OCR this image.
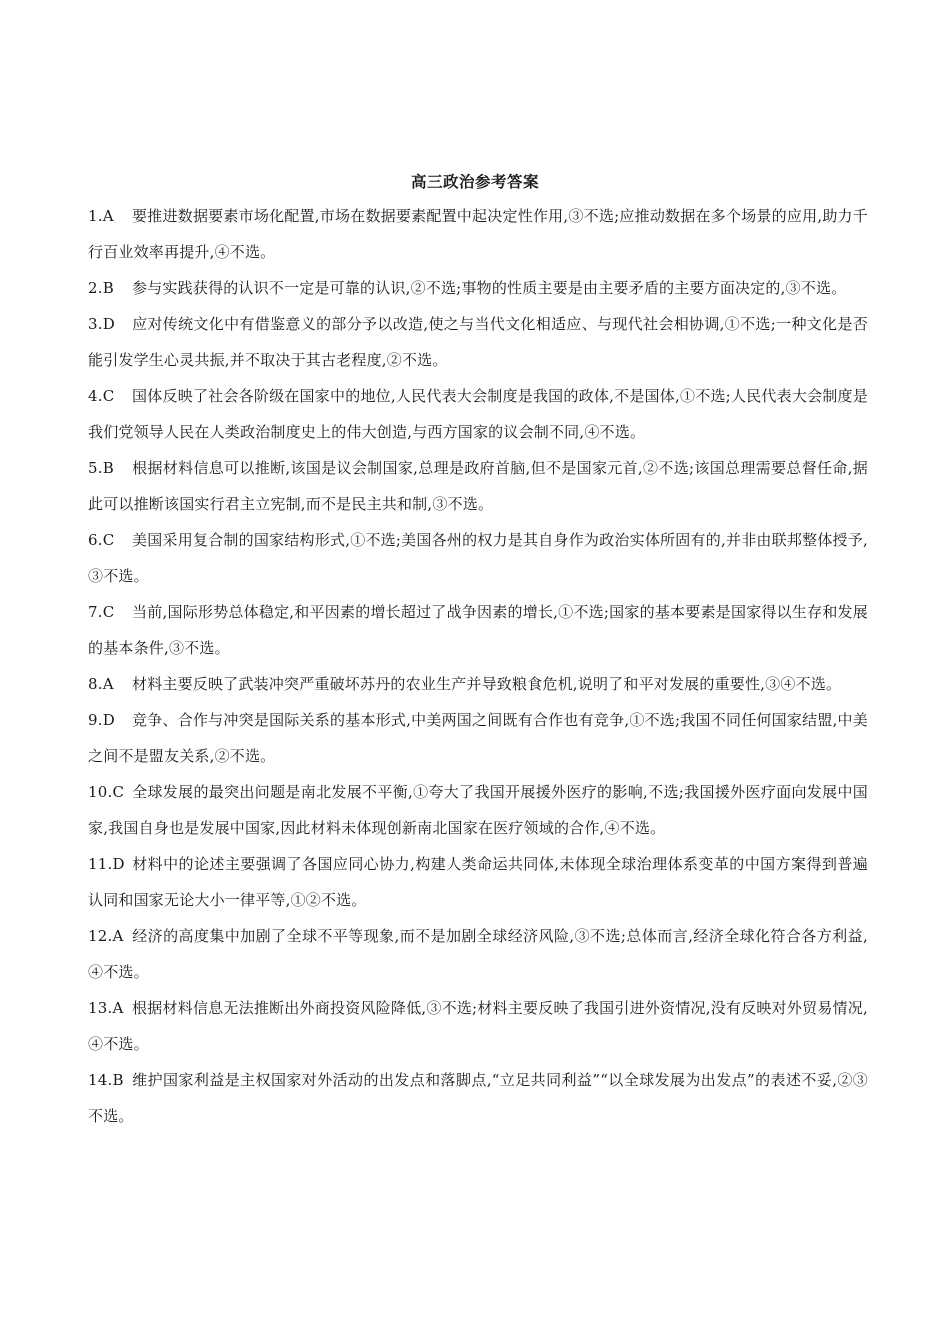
高三政治参考答案
1.A 要推进数据要素市场化配置,市场在数据要素配置中起决定性作用,③不选;应推动数据在多个场景的应用,助力千行百业效率再提升,④不选。
2.B 参与实践获得的认识不一定是可靠的认识,②不选;事物的性质主要是由主要矛盾的主要方面决定的,③不选。
3.D 应对传统文化中有借鉴意义的部分予以改造,使之与当代文化相适应、与现代社会相协调,①不选;一种文化是否能引发学生心灵共振,并不取决于其古老程度,②不选。
4.C 国体反映了社会各阶级在国家中的地位,人民代表大会制度是我国的政体,不是国体,①不选;人民代表大会制度是我们党领导人民在人类政治制度史上的伟大创造,与西方国家的议会制不同,④不选。
5.B 根据材料信息可以推断,该国是议会制国家,总理是政府首脑,但不是国家元首,②不选;该国总理需要总督任命,据此可以推断该国实行君主立宪制,而不是民主共和制,③不选。
6.C 美国采用复合制的国家结构形式,①不选;美国各州的权力是其自身作为政治实体所固有的,并非由联邦整体授予,③不选。
7.C 当前,国际形势总体稳定,和平因素的增长超过了战争因素的增长,①不选;国家的基本要素是国家得以生存和发展的基本条件,③不选。
8.A 材料主要反映了武装冲突严重破坏苏丹的农业生产并导致粮食危机,说明了和平对发展的重要性,③④不选。
9.D 竞争、合作与冲突是国际关系的基本形式,中美两国之间既有合作也有竞争,①不选;我国不同任何国家结盟,中美之间不是盟友关系,②不选。
10.C 全球发展的最突出问题是南北发展不平衡,①夸大了我国开展援外医疗的影响,不选;我国援外医疗面向发展中国家,我国自身也是发展中国家,因此材料未体现创新南北国家在医疗领域的合作,④不选。
11.D 材料中的论述主要强调了各国应同心协力,构建人类命运共同体,未体现全球治理体系变革的中国方案得到普遍认同和国家无论大小一律平等,①②不选。
12.A 经济的高度集中加剧了全球不平等现象,而不是加剧全球经济风险,③不选;总体而言,经济全球化符合各方利益,④不选。
13.A 根据材料信息无法推断出外商投资风险降低,③不选;材料主要反映了我国引进外资情况,没有反映对外贸易情况,④不选。
14.B 维护国家利益是主权国家对外活动的出发点和落脚点,“立足共同利益”“以全球发展为出发点”的表述不妥,②③不选。
